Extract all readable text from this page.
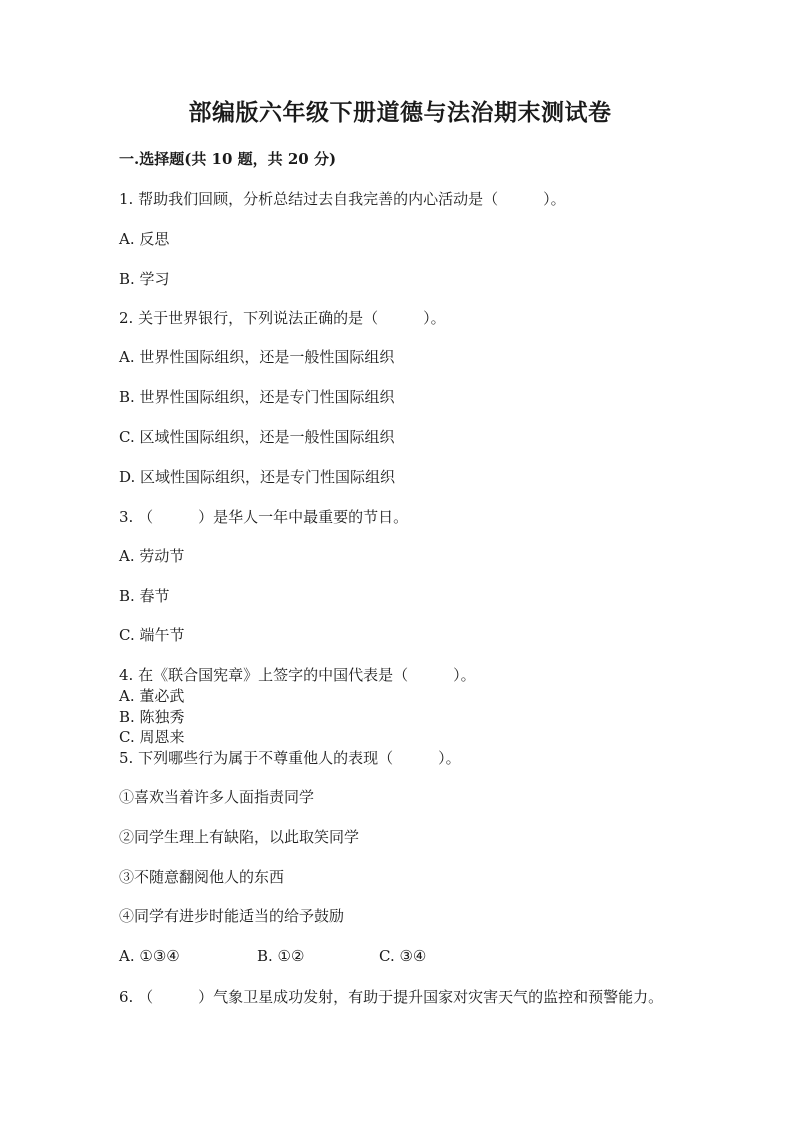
部编版六年级下册道德与法治期末测试卷
一.选择题(共 10 题，共 20 分)
1. 帮助我们回顾，分析总结过去自我完善的内心活动是（　　　）。
A. 反思
B. 学习
2. 关于世界银行，下列说法正确的是（　　　）。
A. 世界性国际组织，还是一般性国际组织
B. 世界性国际组织，还是专门性国际组织
C. 区域性国际组织，还是一般性国际组织
D. 区域性国际组织，还是专门性国际组织
3. （　　　）是华人一年中最重要的节日。
A. 劳动节
B. 春节
C. 端午节
4. 在《联合国宪章》上签字的中国代表是（　　　）。
A. 董必武
B. 陈独秀
C. 周恩来
5. 下列哪些行为属于不尊重他人的表现（　　　）。
①喜欢当着许多人面指责同学
②同学生理上有缺陷，以此取笑同学
③不随意翻阅他人的东西
④同学有进步时能适当的给予鼓励
A. ①③④	B. ①②	C. ③④
6. （　　　）气象卫星成功发射，有助于提升国家对灾害天气的监控和预警能力。
